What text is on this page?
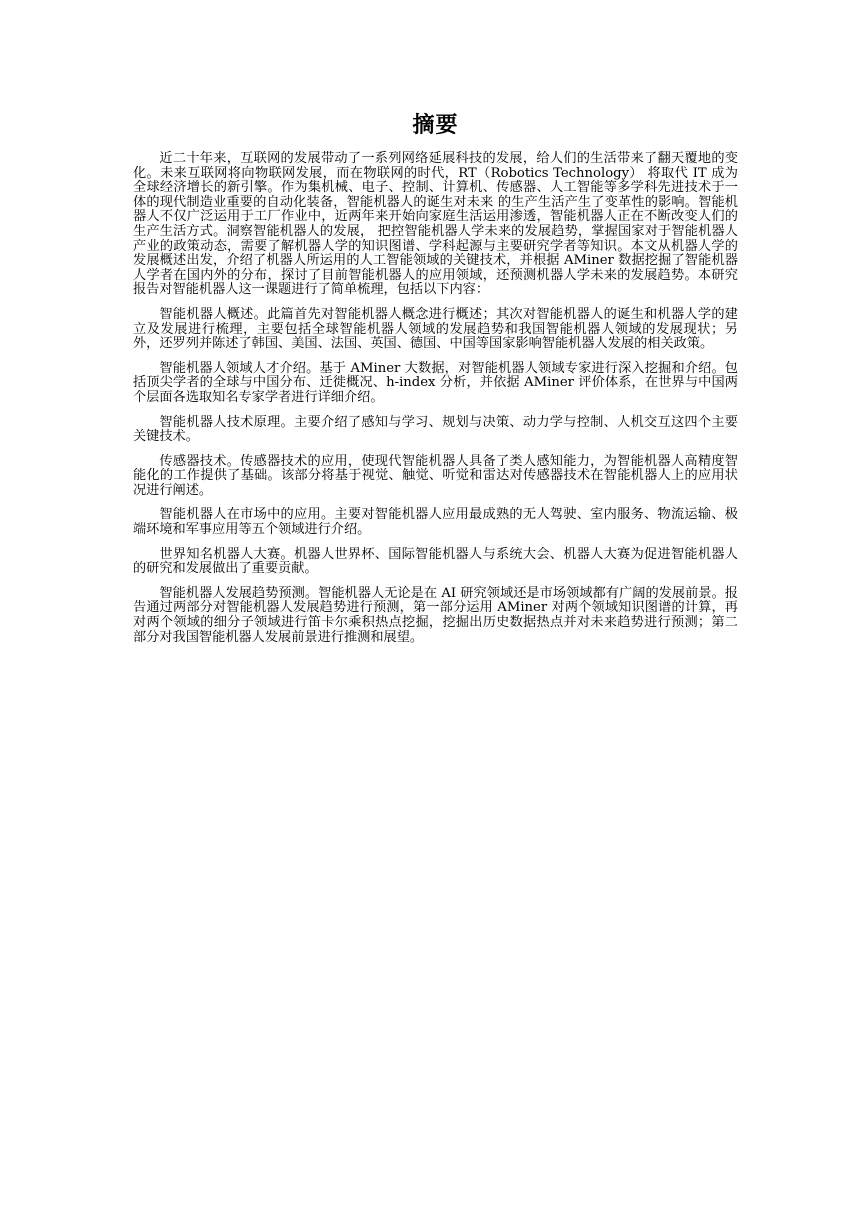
摘要

近二十年来，互联网的发展带动了一系列网络延展科技的发展，给人们的生活带来了翻天覆地的变化。未来互联网将向物联网发展，而在物联网的时代，RT（Robotics Technology） 将取代 IT 成为全球经济增长的新引擎。作为集机械、电子、控制、计算机、传感器、人工智能等多学科先进技术于一体的现代制造业重要的自动化装备，智能机器人的诞生对未来 的生产生活产生了变革性的影响。智能机器人不仅广泛运用于工厂作业中，近两年来开始向家庭生活运用渗透，智能机器人正在不断改变人们的生产生活方式。洞察智能机器人的发展， 把控智能机器人学未来的发展趋势，掌握国家对于智能机器人产业的政策动态，需要了解机器人学的知识图谱、学科起源与主要研究学者等知识。本文从机器人学的发展概述出发，介绍了机器人所运用的人工智能领域的关键技术，并根据 AMiner 数据挖掘了智能机器人学者在国内外的分布，探讨了目前智能机器人的应用领域，还预测机器人学未来的发展趋势。本研究报告对智能机器人这一课题进行了简单梳理，包括以下内容：

智能机器人概述。此篇首先对智能机器人概念进行概述；其次对智能机器人的诞生和机器人学的建立及发展进行梳理，主要包括全球智能机器人领域的发展趋势和我国智能机器人领域的发展现状；另外，还罗列并陈述了韩国、美国、法国、英国、德国、中国等国家影响智能机器人发展的相关政策。

智能机器人领域人才介绍。基于 AMiner 大数据，对智能机器人领域专家进行深入挖掘和介绍。包括顶尖学者的全球与中国分布、迁徙概况、h-index 分析，并依据 AMiner 评价体系，在世界与中国两个层面各选取知名专家学者进行详细介绍。

智能机器人技术原理。主要介绍了感知与学习、规划与决策、动力学与控制、人机交互这四个主要关键技术。

传感器技术。传感器技术的应用，使现代智能机器人具备了类人感知能力，为智能机器人高精度智能化的工作提供了基础。该部分将基于视觉、触觉、听觉和雷达对传感器技术在智能机器人上的应用状况进行阐述。

智能机器人在市场中的应用。主要对智能机器人应用最成熟的无人驾驶、室内服务、物流运输、极端环境和军事应用等五个领域进行介绍。

世界知名机器人大赛。机器人世界杯、国际智能机器人与系统大会、机器人大赛为促进智能机器人的研究和发展做出了重要贡献。

智能机器人发展趋势预测。智能机器人无论是在 AI 研究领域还是市场领域都有广阔的发展前景。报告通过两部分对智能机器人发展趋势进行预测，第一部分运用 AMiner 对两个领域知识图谱的计算，再对两个领域的细分子领域进行笛卡尔乘积热点挖掘，挖掘出历史数据热点并对未来趋势进行预测；第二部分对我国智能机器人发展前景进行推测和展望。
